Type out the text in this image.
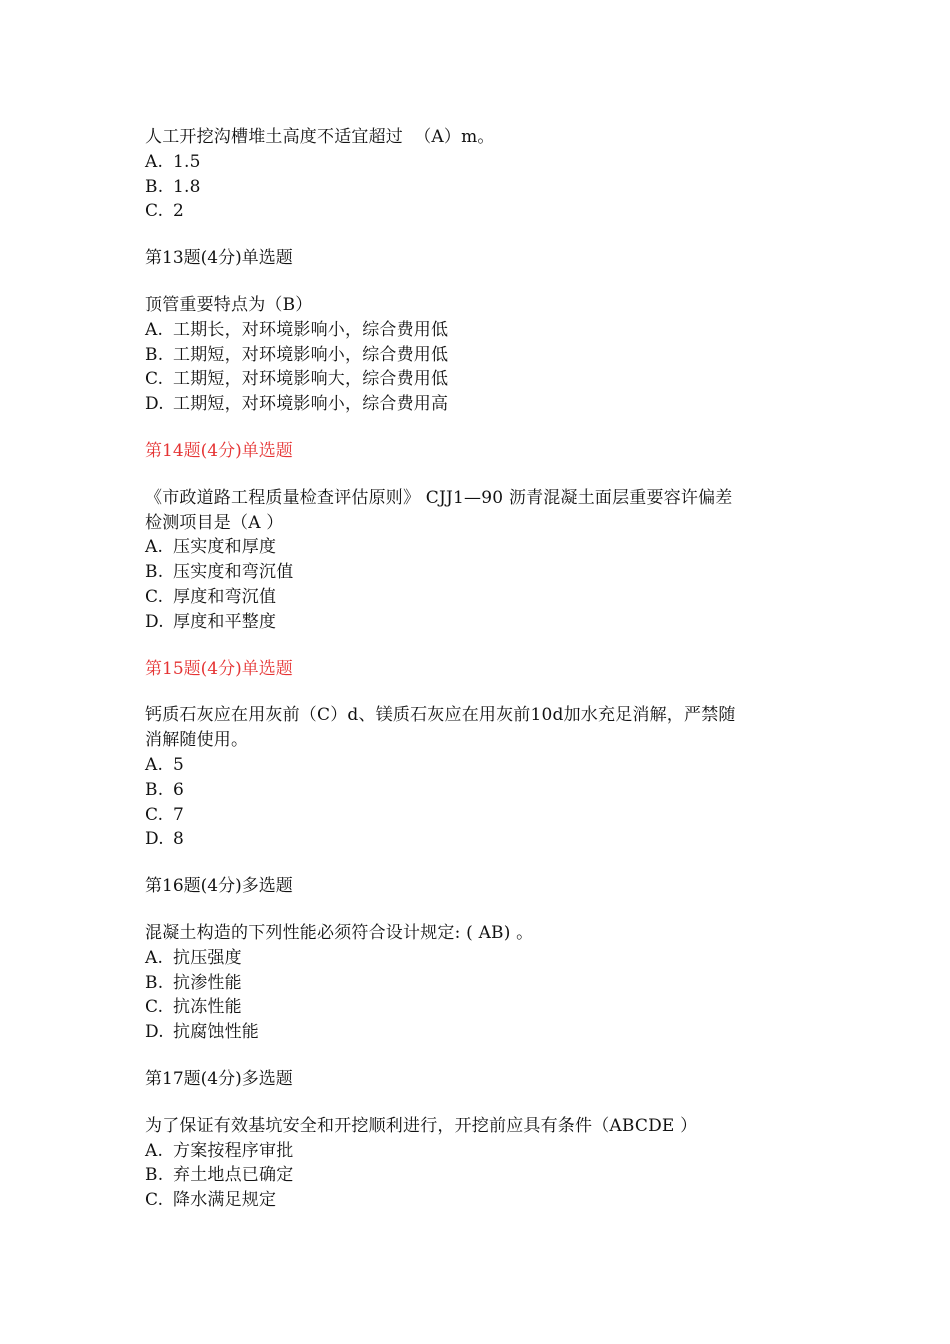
人工开挖沟槽堆土高度不适宜超过  （A）m。
A. 1.5
B. 1.8
C. 2
第13题(4分)单选题
顶管重要特点为（B）
A. 工期长，对环境影响小，综合费用低
B. 工期短，对环境影响小，综合费用低
C. 工期短，对环境影响大，综合费用低
D. 工期短，对环境影响小，综合费用高
第14题(4分)单选题
《市政道路工程质量检查评估原则》 CJJ1—90 沥青混凝土面层重要容许偏差
检测项目是（A ）
A. 压实度和厚度
B. 压实度和弯沉值
C. 厚度和弯沉值
D. 厚度和平整度
第15题(4分)单选题
钙质石灰应在用灰前（C）d、镁质石灰应在用灰前10d加水充足消解，严禁随
消解随使用。
A. 5
B. 6
C. 7
D. 8
第16题(4分)多选题
混凝土构造的下列性能必须符合设计规定: ( AB) 。
A. 抗压强度
B. 抗渗性能
C. 抗冻性能
D. 抗腐蚀性能
第17题(4分)多选题
为了保证有效基坑安全和开挖顺利进行，开挖前应具有条件（ABCDE ）
A. 方案按程序审批
B. 弃土地点已确定
C. 降水满足规定
